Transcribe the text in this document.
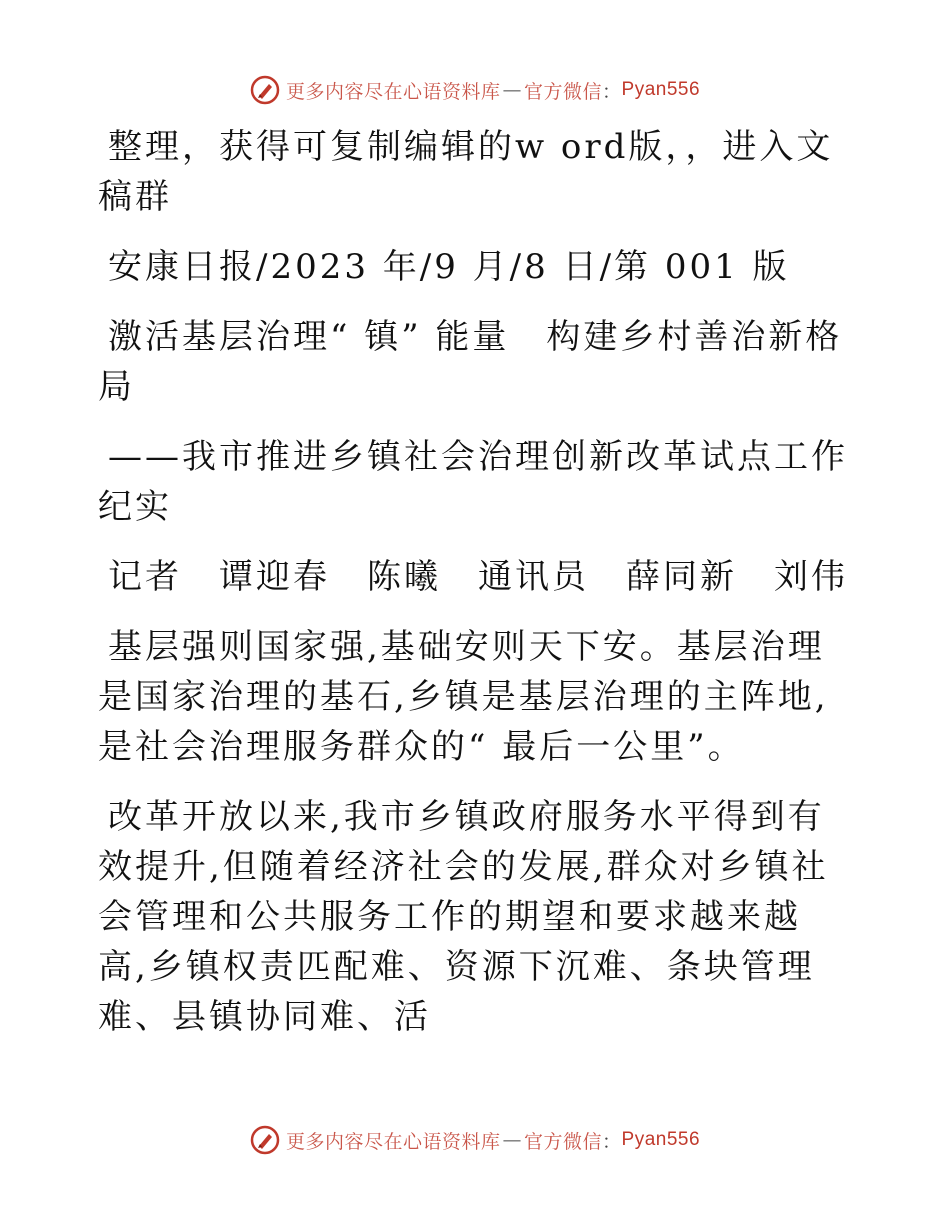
更多内容尽在心语资料库 — 官方微信 ： Pyan556

整理，获得可复制编辑的w ord版，，进入文稿群

安康日报/2023 年/9 月/8 日/第 001 版

激活基层治理“ 镇” 能量　构建乡村善治新格局

——我市推进乡镇社会治理创新改革试点工作纪实

记者　谭迎春　陈曦　通讯员　薛同新　刘伟

基层强则国家强,基础安则天下安。基层治理是国家治理的基石,乡镇是基层治理的主阵地,是社会治理服务群众的“ 最后一公里”。

改革开放以来,我市乡镇政府服务水平得到有效提升,但随着经济社会的发展,群众对乡镇社会管理和公共服务工作的期望和要求越来越高,乡镇权责匹配难、资源下沉难、条块管理难、县镇协同难、活

更多内容尽在心语资料库 — 官方微信 ： Pyan556
